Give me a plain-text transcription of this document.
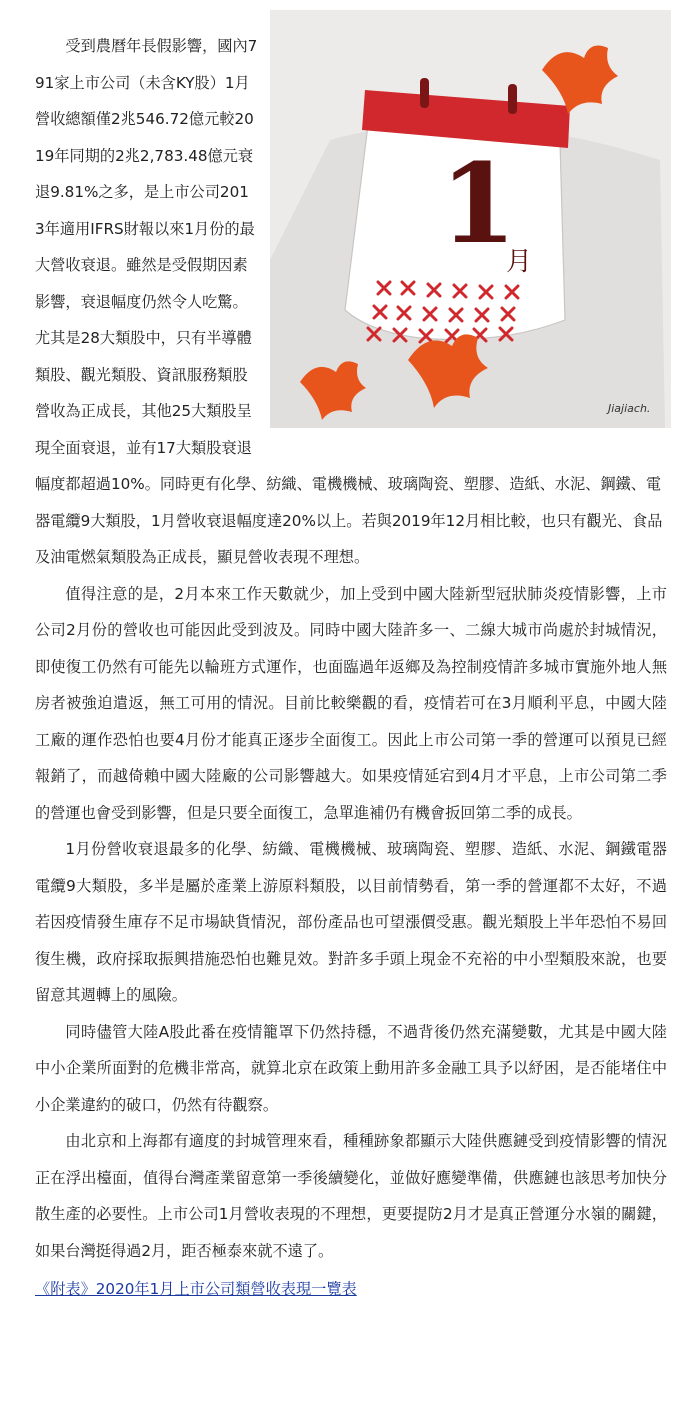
1
月
Jiajiach.

受到農曆年長假影響，國內791家上市公司（未含KY股）1月營收總額僅2兆546.72億元較2019年同期的2兆2,783.48億元衰退9.81%之多，是上市公司2013年適用IFRS財報以來1月份的最大營收衰退。雖然是受假期因素影響，衰退幅度仍然令人吃驚。尤其是28大類股中，只有半導體類股、觀光類股、資訊服務類股營收為正成長，其他25大類股呈現全面衰退，並有17大類股衰退幅度都超過10%。同時更有化學、紡織、電機機械、玻璃陶瓷、塑膠、造紙、水泥、鋼鐵、電器電纜9大類股，1月營收衰退幅度達20%以上。若與2019年12月相比較，也只有觀光、食品及油電燃氣類股為正成長，顯見營收表現不理想。

值得注意的是，2月本來工作天數就少，加上受到中國大陸新型冠狀肺炎疫情影響，上市公司2月份的營收也可能因此受到波及。同時中國大陸許多一、二線大城市尚處於封城情況，即使復工仍然有可能先以輪班方式運作，也面臨過年返鄉及為控制疫情許多城市實施外地人無房者被強迫遣返，無工可用的情況。目前比較樂觀的看，疫情若可在3月順利平息，中國大陸工廠的運作恐怕也要4月份才能真正逐步全面復工。因此上市公司第一季的營運可以預見已經報銷了，而越倚賴中國大陸廠的公司影響越大。如果疫情延宕到4月才平息，上市公司第二季的營運也會受到影響，但是只要全面復工，急單進補仍有機會扳回第二季的成長。

1月份營收衰退最多的化學、紡織、電機機械、玻璃陶瓷、塑膠、造紙、水泥、鋼鐵電器電纜9大類股，多半是屬於產業上游原料類股，以目前情勢看，第一季的營運都不太好，不過若因疫情發生庫存不足市場缺貨情況，部份產品也可望漲價受惠。觀光類股上半年恐怕不易回復生機，政府採取振興措施恐怕也難見效。對許多手頭上現金不充裕的中小型類股來說，也要留意其週轉上的風險。

同時儘管大陸A股此番在疫情籠罩下仍然持穩，不過背後仍然充滿變數，尤其是中國大陸中小企業所面對的危機非常高，就算北京在政策上動用許多金融工具予以紓困，是否能堵住中小企業違約的破口，仍然有待觀察。

由北京和上海都有適度的封城管理來看，種種跡象都顯示大陸供應鏈受到疫情影響的情況正在浮出檯面，值得台灣產業留意第一季後續變化，並做好應變準備，供應鏈也該思考加快分散生產的必要性。上市公司1月營收表現的不理想，更要提防2月才是真正營運分水嶺的關鍵，如果台灣挺得過2月，距否極泰來就不遠了。

《附表》2020年1月上市公司類營收表現一覽表
